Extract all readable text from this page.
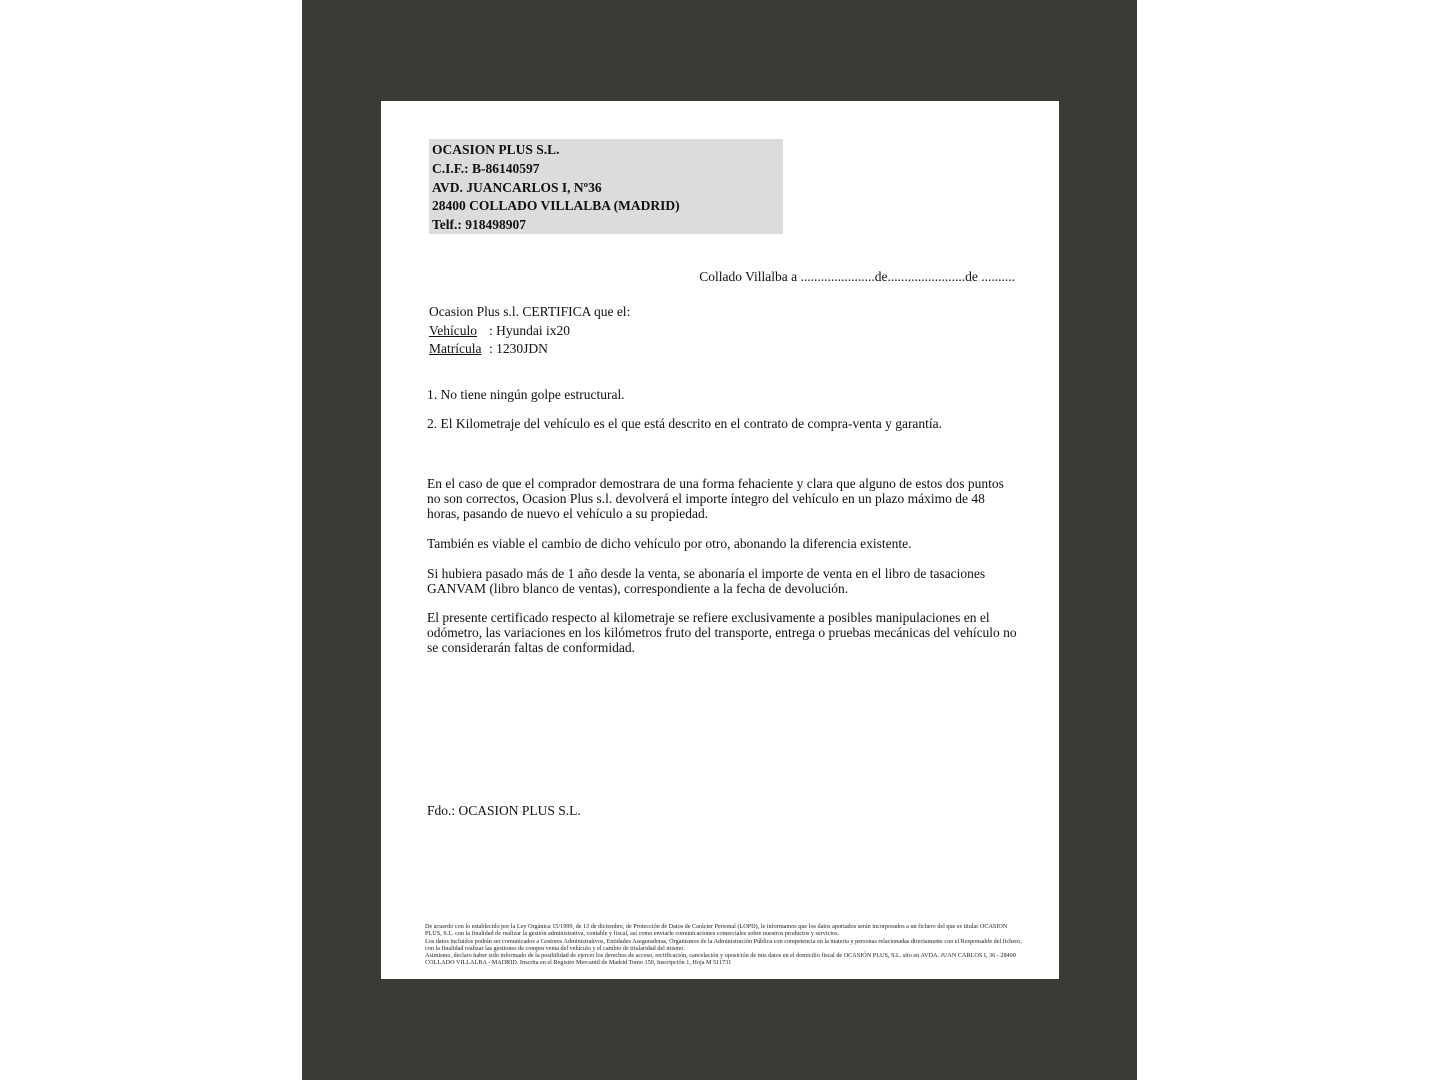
OCASION PLUS S.L.
C.I.F.: B-86140597
AVD. JUANCARLOS I, Nº36
28400 COLLADO VILLALBA (MADRID)
Telf.: 918498907
Collado Villalba a ......................de.......................de ..........
Ocasion Plus s.l. CERTIFICA que el:
Vehículo : Hyundai ix20
Matrícula : 1230JDN
1. No tiene ningún golpe estructural.
2. El Kilometraje del vehículo es el que está descrito en el contrato de compra-venta y garantía.
En el caso de que el comprador demostrara de una forma fehaciente y clara que alguno de estos dos puntos no son correctos, Ocasion Plus s.l. devolverá el importe íntegro del vehículo en un plazo máximo de 48 horas, pasando de nuevo el vehículo a su propiedad.
También es viable el cambio de dicho vehículo por otro, abonando la diferencia existente.
Si hubiera pasado más de 1 año desde la venta, se abonaría el importe de venta en el libro de tasaciones GANVAM (libro blanco de ventas), correspondiente a la fecha de devolución.
El presente certificado respecto al kilometraje se refiere exclusivamente a posibles manipulaciones en el odómetro, las variaciones en los kilómetros fruto del transporte, entrega o pruebas mecánicas del vehículo no se considerarán faltas de conformidad.
Fdo.: OCASION PLUS S.L.
De acuerdo con lo establecido por la Ley Orgánica 15/1999, de 13 de diciembre, de Protección de Datos de Carácter Personal (LOPD), le informamos que los datos aportados serán incorporados a un fichero del que es titular OCASION PLUS, S.L. con la finalidad de realizar la gestión administrativa, contable y fiscal, así como enviarle comunicaciones comerciales sobre nuestros productos y servicios.
Los datos incluidos podrán ser comunicados a Gestores Administrativos, Entidades Aseguradoras, Organismos de la Administración Pública con competencia en la materia y personas relacionadas directamente con el Responsable del fichero, con la finalidad realizar las gestiones de compra venta del vehículo y el cambio de titularidad del mismo.
Asimismo, declaro haber sido informado de la posibilidad de ejercer los derechos de acceso, rectificación, cancelación y oposición de mis datos en el domicilio fiscal de OCASIÓN PLUS, S.L. sito en AVDA. JUAN CARLOS I, 36 - 28400 COLLADO VILLALBA - MADRID. Inscrita en el Registro Mercantil de Madrid Tomo 150, Inscripción 1, Hoja M 511731
